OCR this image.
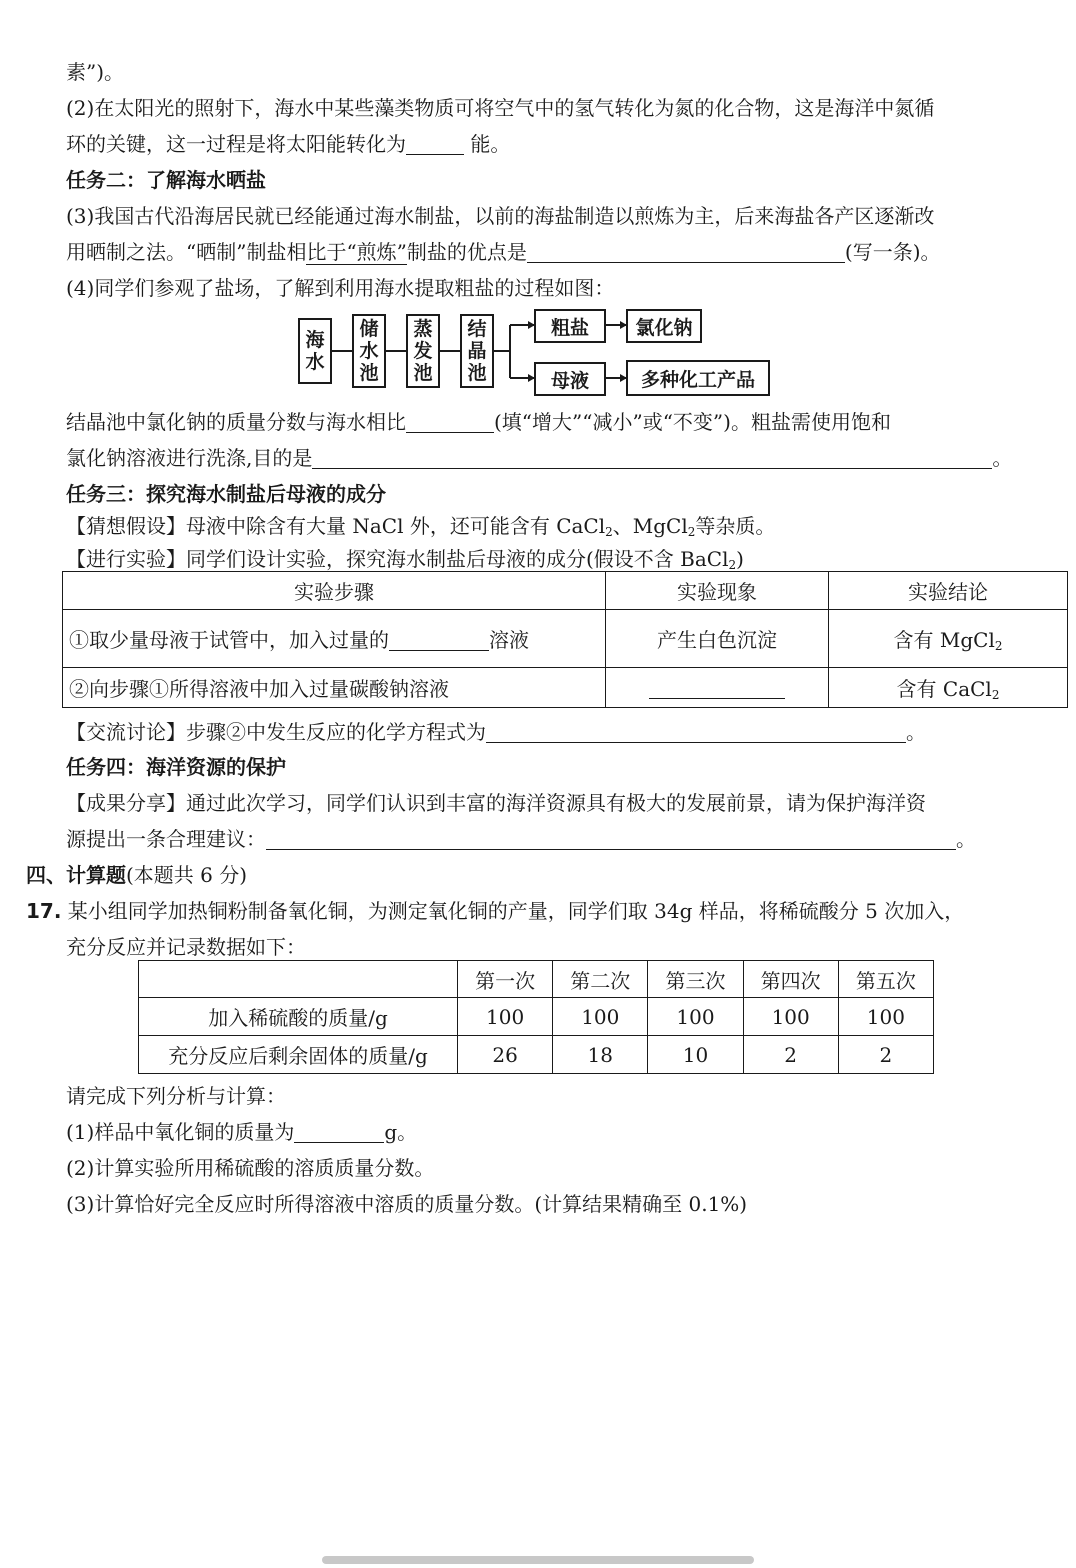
素”)。
(2)在太阳光的照射下，海水中某些藻类物质可将空气中的氢气转化为氮的化合物，这是海洋中氮循
环的关键，这一过程是将太阳能转化为	能。
任务二：了解海水晒盐
(3)我国古代沿海居民就已经能通过海水制盐，以前的海盐制造以煎炼为主，后来海盐各产区逐渐改
用晒制之法。“晒制”制盐相比于“煎炼”制盐的优点是	(写一条)。
(4)同学们参观了盐场，了解到利用海水提取粗盐的过程如图：
海水
储水池
蒸发池
结晶池
粗盐	氯化钠
母液	多种化工产品
结晶池中氯化钠的质量分数与海水相比	(填“增大”“减小”或“不变”)。粗盐需使用饱和
氯化钠溶液进行洗涤,目的是	。
任务三：探究海水制盐后母液的成分
【猜想假设】母液中除含有大量 NaCl 外，还可能含有 CaCl$_2$、MgCl$_2$等杂质。
【进行实验】同学们设计实验，探究海水制盐后母液的成分(假设不含 BaCl$_2$)
实验步骤	实验现象	实验结论
①取少量母液于试管中，加入过量的 溶液	产生白色沉淀	含有 MgCl$_2$
②向步骤①所得溶液中加入过量碳酸钠溶液		含有 CaCl$_2$
【交流讨论】步骤②中发生反应的化学方程式为	。
任务四：海洋资源的保护
【成果分享】通过此次学习，同学们认识到丰富的海洋资源具有极大的发展前景，请为保护海洋资
源提出一条合理建议：	。
四、计算题(本题共 6 分)
17. 某小组同学加热铜粉制备氧化铜，为测定氧化铜的产量，同学们取 34g 样品，将稀硫酸分 5 次加入，
充分反应并记录数据如下：
	第一次	第二次	第三次	第四次	第五次
加入稀硫酸的质量/g	100	100	100	100	100
充分反应后剩余固体的质量/g	26	18	10	2	2
请完成下列分析与计算：
(1)样品中氧化铜的质量为	g。
(2)计算实验所用稀硫酸的溶质质量分数。
(3)计算恰好完全反应时所得溶液中溶质的质量分数。(计算结果精确至 0.1%)
